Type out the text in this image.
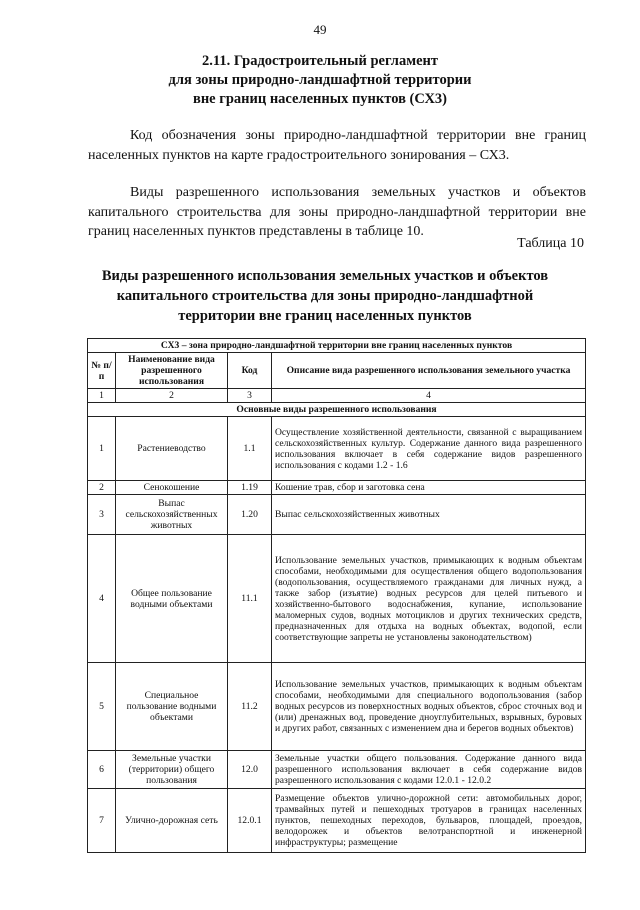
49
2.11. Градостроительный регламент
для зоны природно-ландшафтной территории
вне границ населенных пунктов (СХ3)

Код обозначения зоны природно-ландшафтной территории вне границ населенных пунктов на карте градостроительного зонирования – СХ3.

Виды разрешенного использования земельных участков и объектов капитального строительства для зоны природно-ландшафтной территории вне границ населенных пунктов представлены в таблице 10.

Таблица 10
Виды разрешенного использования земельных участков и объектов
капитального строительства для зоны природно-ландшафтной
территории вне границ населенных пунктов
СХ3 – зона природно-ландшафтной территории вне границ населенных пунктов			
№ п/п	Наименование вида разрешенного использования	Код	Описание вида разрешенного использования земельного участка
1	2	3	4
Основные виды разрешенного использования			
1	Растениеводство	1.1	Осуществление хозяйственной деятельности, связанной с выращиванием сельскохозяйственных культур. Содержание данного вида разрешенного использования включает в себя содержание видов разрешенного использования с кодами 1.2 - 1.6
2	Сенокошение	1.19	Кошение трав, сбор и заготовка сена
3	Выпас сельскохозяйственных животных	1.20	Выпас сельскохозяйственных животных
4	Общее пользование водными объектами	11.1	Использование земельных участков, примыкающих к водным объектам способами, необходимыми для осуществления общего водопользования (водопользования, осуществляемого гражданами для личных нужд, а также забор (изъятие) водных ресурсов для целей питьевого и хозяйственно-бытового водоснабжения, купание, использование маломерных судов, водных мотоциклов и других технических средств, предназначенных для отдыха на водных объектах, водопой, если соответствующие запреты не установлены законодательством)
5	Специальное пользование водными объектами	11.2	Использование земельных участков, примыкающих к водным объектам способами, необходимыми для специального водопользования (забор водных ресурсов из поверхностных водных объектов, сброс сточных вод и (или) дренажных вод, проведение дноуглубительных, взрывных, буровых и других работ, связанных с изменением дна и берегов водных объектов)
6	Земельные участки (территории) общего пользования	12.0	Земельные участки общего пользования. Содержание данного вида разрешенного использования включает в себя содержание видов разрешенного использования с кодами 12.0.1 - 12.0.2
7	Улично-дорожная сеть	12.0.1	Размещение объектов улично-дорожной сети: автомобильных дорог, трамвайных путей и пешеходных тротуаров в границах населенных пунктов, пешеходных переходов, бульваров, площадей, проездов, велодорожек и объектов велотранспортной и инженерной инфраструктуры; размещение
